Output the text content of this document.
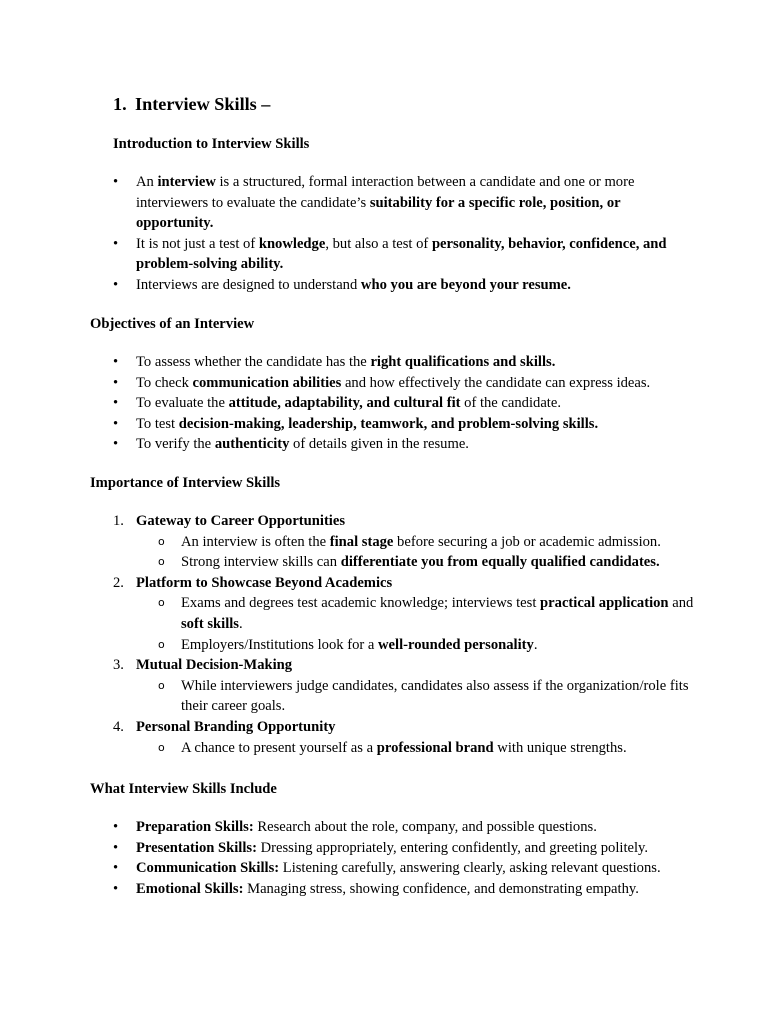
1. Interview Skills –
Introduction to Interview Skills
•	An interview is a structured, formal interaction between a candidate and one or more interviewers to evaluate the candidate’s suitability for a specific role, position, or opportunity.
•	It is not just a test of knowledge, but also a test of personality, behavior, confidence, and problem-solving ability.
•	Interviews are designed to understand who you are beyond your resume.
Objectives of an Interview
•	To assess whether the candidate has the right qualifications and skills.
•	To check communication abilities and how effectively the candidate can express ideas.
•	To evaluate the attitude, adaptability, and cultural fit of the candidate.
•	To test decision-making, leadership, teamwork, and problem-solving skills.
•	To verify the authenticity of details given in the resume.
Importance of Interview Skills
1. Gateway to Career Opportunities
o An interview is often the final stage before securing a job or academic admission.
o Strong interview skills can differentiate you from equally qualified candidates.
2. Platform to Showcase Beyond Academics
o Exams and degrees test academic knowledge; interviews test practical application and soft skills.
o Employers/Institutions look for a well-rounded personality.
3. Mutual Decision-Making
o While interviewers judge candidates, candidates also assess if the organization/role fits their career goals.
4. Personal Branding Opportunity
o A chance to present yourself as a professional brand with unique strengths.
What Interview Skills Include
•	Preparation Skills: Research about the role, company, and possible questions.
•	Presentation Skills: Dressing appropriately, entering confidently, and greeting politely.
•	Communication Skills: Listening carefully, answering clearly, asking relevant questions.
•	Emotional Skills: Managing stress, showing confidence, and demonstrating empathy.
